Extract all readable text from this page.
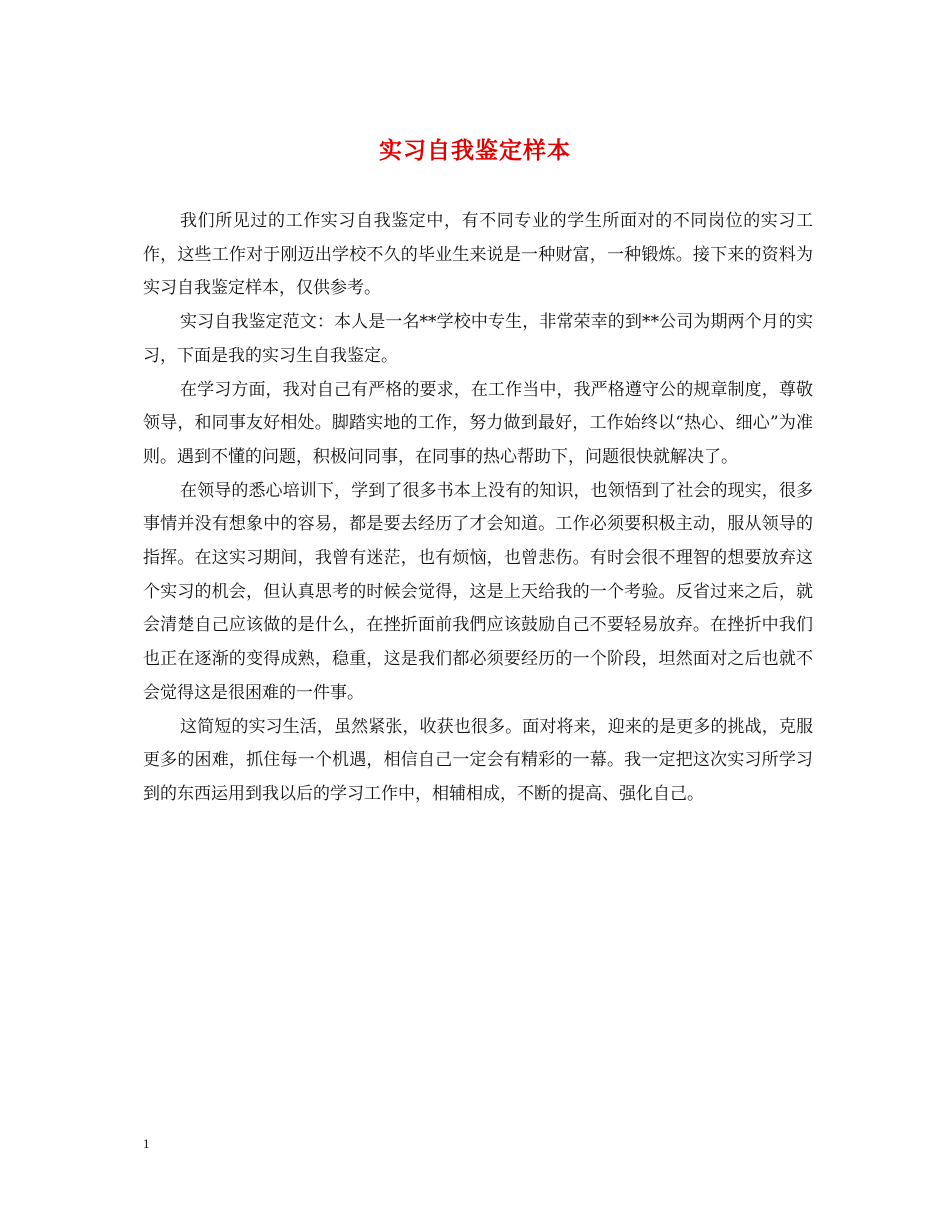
实习自我鉴定样本

我们所见过的工作实习自我鉴定中，有不同专业的学生所面对的不同岗位的实习工作，这些工作对于刚迈出学校不久的毕业生来说是一种财富，一种锻炼。接下来的资料为实习自我鉴定样本，仅供参考。

实习自我鉴定范文：本人是一名**学校中专生，非常荣幸的到**公司为期两个月的实习，下面是我的实习生自我鉴定。

在学习方面，我对自己有严格的要求，在工作当中，我严格遵守公的规章制度，尊敬领导，和同事友好相处。脚踏实地的工作，努力做到最好，工作始终以“热心、细心”为准则。遇到不懂的问题，积极问同事，在同事的热心帮助下，问题很快就解决了。

在领导的悉心培训下，学到了很多书本上没有的知识，也领悟到了社会的现实，很多事情并没有想象中的容易，都是要去经历了才会知道。工作必须要积极主动，服从领导的指挥。在这实习期间，我曾有迷茫，也有烦恼，也曾悲伤。有时会很不理智的想要放弃这个实习的机会，但认真思考的时候会觉得，这是上天给我的一个考验。反省过来之后，就会清楚自己应该做的是什么，在挫折面前我們应该鼓励自己不要轻易放弃。在挫折中我们也正在逐渐的变得成熟，稳重，这是我们都必须要经历的一个阶段，坦然面对之后也就不会觉得这是很困难的一件事。

这简短的实习生活，虽然紧张，收获也很多。面对将来，迎来的是更多的挑战，克服更多的困难，抓住每一个机遇，相信自己一定会有精彩的一幕。我一定把这次实习所学习到的东西运用到我以后的学习工作中，相辅相成，不断的提高、强化自己。

1
